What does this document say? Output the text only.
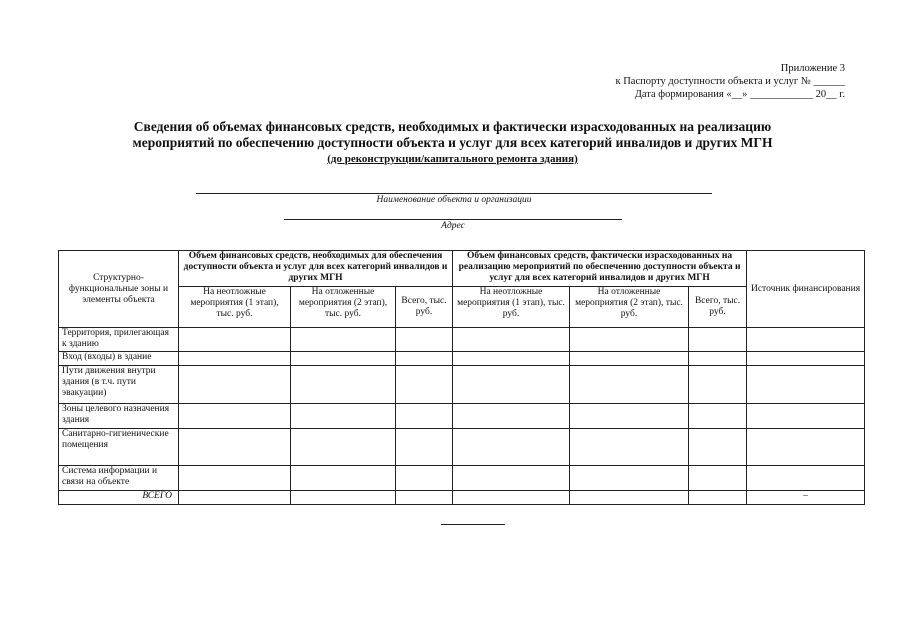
Приложение 3
к Паспорту доступности объекта и услуг № ______
Дата формирования «__» ____________ 20__ г.
Сведения об объемах финансовых средств, необходимых и фактически израсходованных на реализацию
мероприятий по обеспечению доступности объекта и услуг для всех категорий инвалидов и других МГН
(до реконструкции/капитального ремонта здания)
Наименование объекта и организации
Адрес
Структурно-функциональные зоны и элементы объекта	Объем финансовых средств, необходимых для обеспечения доступности объекта и услуг для всех категорий инвалидов и других МГН			Объем финансовых средств, фактически израсходованных на реализацию мероприятий по обеспечению доступности объекта и услуг для всех категорий инвалидов и других МГН			Источник финансирования
	На неотложные мероприятия (1 этап), тыс. руб.	На отложенные мероприятия (2 этап), тыс. руб.	Всего, тыс. руб.	На неотложные мероприятия (1 этап), тыс. руб.	На отложенные мероприятия (2 этап), тыс. руб.	Всего, тыс. руб.	
Территория, прилегающая к зданию							
Вход (входы) в здание							
Пути движения внутри здания (в т.ч. пути эвакуации)							
Зоны целевого назначения здания							
Санитарно-гигиенические помещения							
Система информации и связи на объекте							
ВСЕГО							–
